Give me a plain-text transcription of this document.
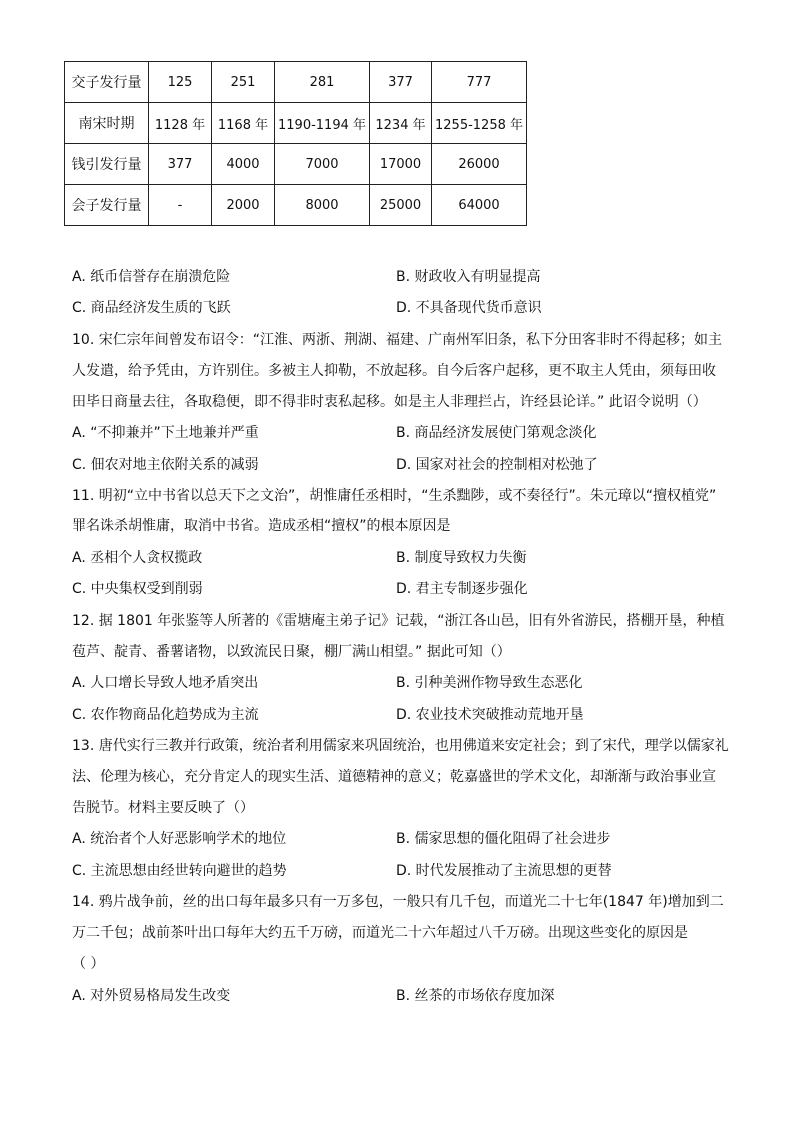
交子发行量	125	251	281	377	777
南宋时期	1128 年	1168 年	1190-1194 年	1234 年	1255-1258 年
钱引发行量	377	4000	7000	17000	26000
会子发行量	-	2000	8000	25000	64000
A. 纸币信誉存在崩溃危险	B. 财政收入有明显提高
C. 商品经济发生质的飞跃	D. 不具备现代货币意识
10. 宋仁宗年间曾发布诏令：“江淮、两浙、荆湖、福建、广南州军旧条，私下分田客非时不得起移；如主
人发遣，给予凭由，方许别住。多被主人抑勒，不放起移。自今后客户起移，更不取主人凭由，须每田收
田毕日商量去往，各取稳便，即不得非时衷私起移。如是主人非理拦占，许经县论详。” 此诏令说明（）
A. “不抑兼并”下土地兼并严重	B. 商品经济发展使门第观念淡化
C. 佃农对地主依附关系的减弱	D. 国家对社会的控制相对松弛了
11. 明初“立中书省以总天下之文治”，胡惟庸任丞相时，“生杀黜陟，或不奏径行”。朱元璋以“擅权植党”
罪名诛杀胡惟庸，取消中书省。造成丞相“擅权”的根本原因是
A. 丞相个人贪权揽政	B. 制度导致权力失衡
C. 中央集权受到削弱	D. 君主专制逐步强化
12. 据 1801 年张鉴等人所著的《雷塘庵主弟子记》记载，“浙江各山邑，旧有外省游民，搭棚开垦，种植
苞芦、靛青、番薯诸物，以致流民日聚，棚厂满山相望。” 据此可知（）
A. 人口增长导致人地矛盾突出	B. 引种美洲作物导致生态恶化
C. 农作物商品化趋势成为主流	D. 农业技术突破推动荒地开垦
13. 唐代实行三教并行政策，统治者利用儒家来巩固统治，也用佛道来安定社会；到了宋代，理学以儒家礼
法、伦理为核心，充分肯定人的现实生活、道德精神的意义；乾嘉盛世的学术文化，却渐渐与政治事业宣
告脱节。材料主要反映了（）
A. 统治者个人好恶影响学术的地位	B. 儒家思想的僵化阻碍了社会进步
C. 主流思想由经世转向避世的趋势	D. 时代发展推动了主流思想的更替
14. 鸦片战争前，丝的出口每年最多只有一万多包，一般只有几千包，而道光二十七年(1847 年)增加到二
万二千包；战前茶叶出口每年大约五千万磅，而道光二十六年超过八千万磅。出现这些变化的原因是
（ ）
A. 对外贸易格局发生改变	B. 丝茶的市场依存度加深
